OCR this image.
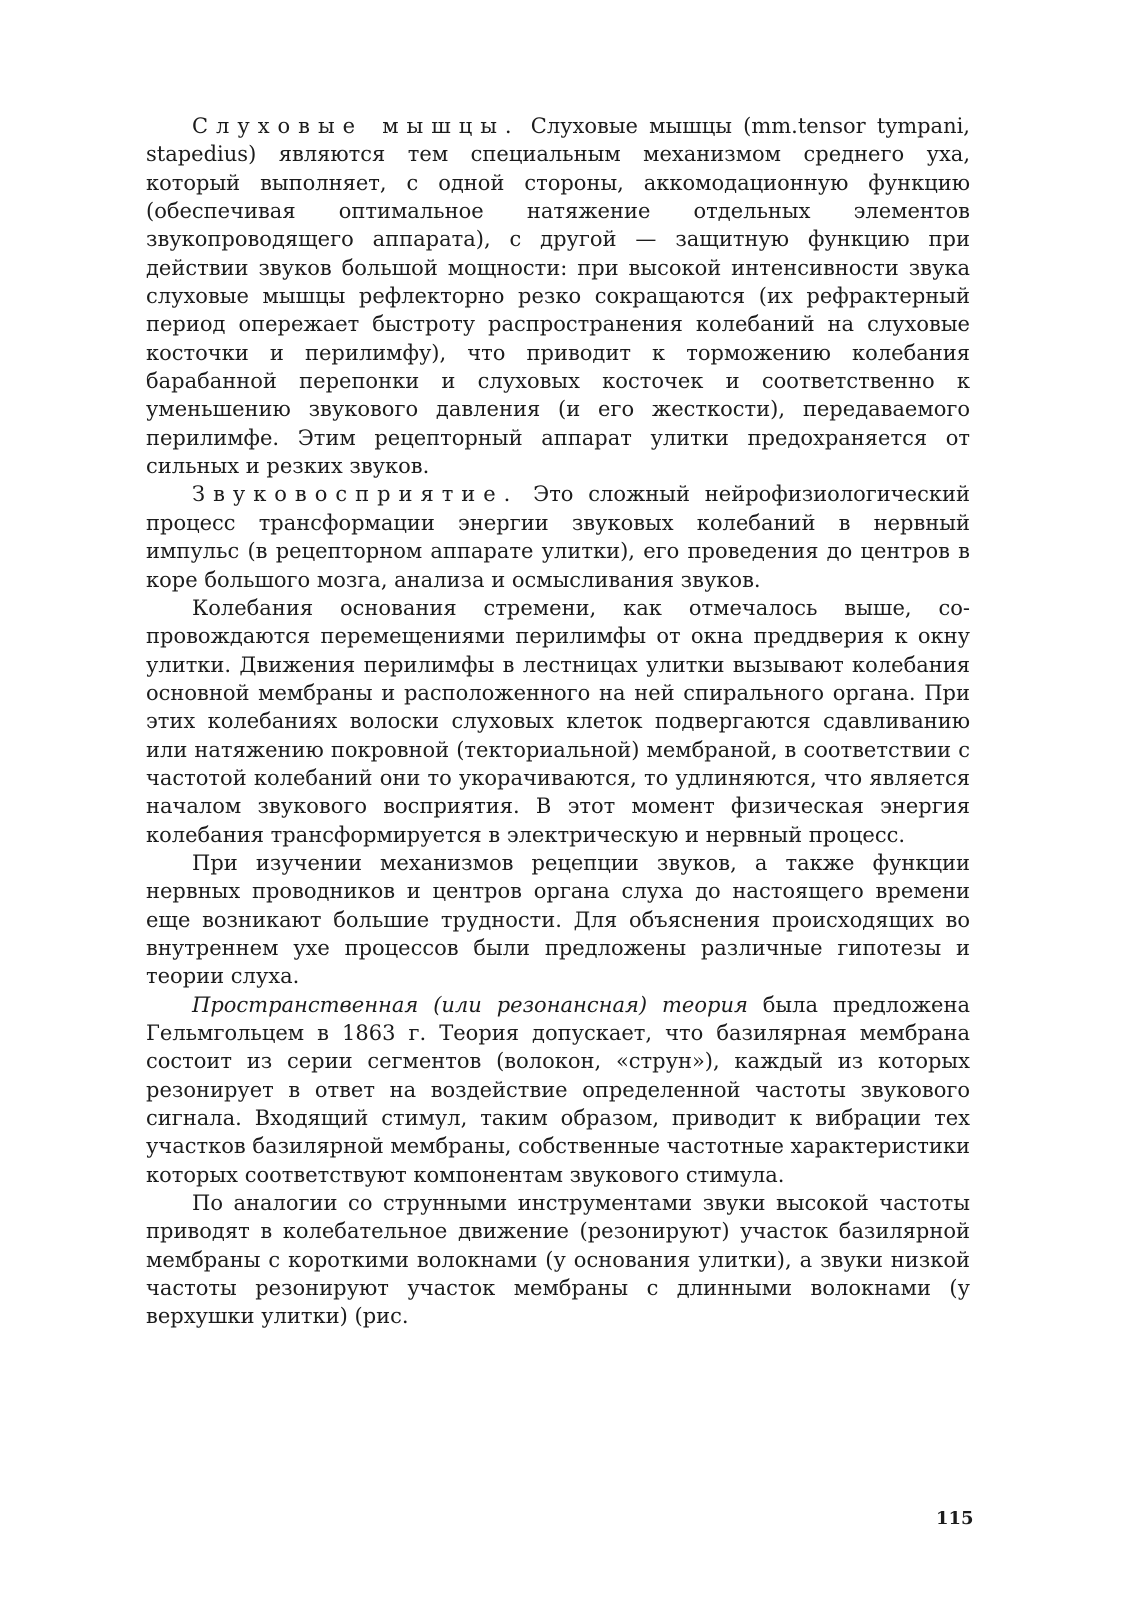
Слуховые мышцы. Слуховые мышцы (mm.tensor tympani, stapedius) являются тем специальным механизмом среднего уха, который выполняет, с одной стороны, аккомодационную функцию (обеспечивая оптимальное натяжение отдельных элементов звукопроводящего аппарата), с другой — защитную функцию при действии звуков большой мощности: при высокой интенсивности звука слуховые мышцы рефлекторно резко сокращаются (их рефрактерный период опережает быстроту распространения колебаний на слуховые косточки и перилимфу), что приводит к торможению колебания барабанной перепонки и слуховых косточек и соответственно к уменьшению звукового давления (и его жесткости), передаваемого перилимфе. Этим рецепторный аппарат улитки предохраняется от сильных и резких звуков.

Звуковосприятие. Это сложный нейрофизиологический процесс трансформации энергии звуковых колебаний в нервный импульс (в рецепторном аппарате улитки), его проведения до центров в коре большого мозга, анализа и осмысливания звуков.

Колебания основания стремени, как отмечалось выше, сопровождаются перемещениями перилимфы от окна преддверия к окну улитки. Движения перилимфы в лестницах улитки вызывают колебания основной мембраны и расположенного на ней спирального органа. При этих колебаниях волоски слуховых клеток подвергаются сдавливанию или натяжению покровной (текториальной) мембраной, в соответствии с частотой колебаний они то укорачиваются, то удлиняются, что является началом звукового восприятия. В этот момент физическая энергия колебания трансформируется в электрическую и нервный процесс.

При изучении механизмов рецепции звуков, а также функции нервных проводников и центров органа слуха до настоящего времени еще возникают большие трудности. Для объяснения происходящих во внутреннем ухе процессов были предложены различные гипотезы и теории слуха.

Пространственная (или резонансная) теория была предложена Гельмгольцем в 1863 г. Теория допускает, что базилярная мембрана состоит из серии сегментов (волокон, «струн»), каждый из которых резонирует в ответ на воздействие определенной частоты звукового сигнала. Входящий стимул, таким образом, приводит к вибрации тех участков базилярной мембраны, собственные частотные характеристики которых соответствуют компонентам звукового стимула.

По аналогии со струнными инструментами звуки высокой частоты приводят в колебательное движение (резонируют) участок базилярной мембраны с короткими волокнами (у основания улитки), а звуки низкой частоты резонируют участок мембраны с длинными волокнами (у верхушки улитки) (рис.

115
